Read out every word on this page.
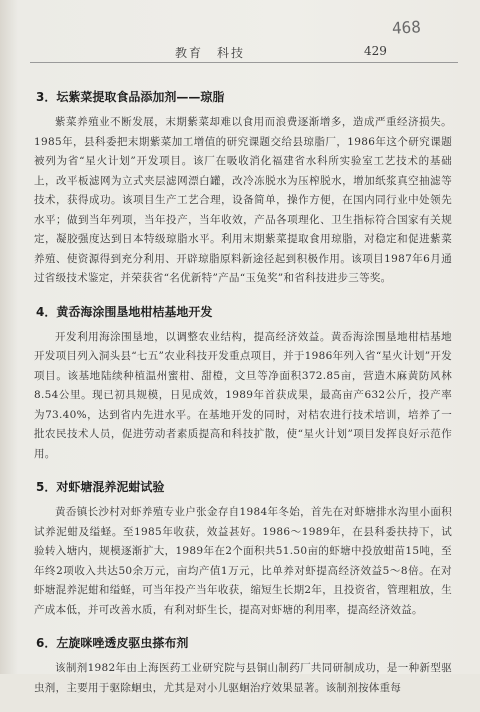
468
教育　科技	429
3．坛紫菜提取食品添加剂——琼脂
紫菜养殖业不断发展，末期紫菜却难以食用而浪费逐渐增多，造成严重经济损失。1985年，县科委把末期紫菜加工增值的研究课题交给县琼脂厂，1986年这个研究课题被列为省“星火计划”开发项目。该厂在吸收消化福建省水科所实验室工艺技术的基础上，改平板滤网为立式夹层滤网漂白罐，改冷冻脱水为压榨脱水，增加纸浆真空抽滤等技术，获得成功。该项目生产工艺合理，设备简单，操作方便，在国内同行业中处领先水平；做到当年列项，当年投产，当年收效，产品各项理化、卫生指标符合国家有关规定，凝胶强度达到日本特级琼脂水平。利用末期紫菜提取食用琼脂，对稳定和促进紫菜养殖、使资源得到充分利用、开辟琼脂原料新途径起到积极作用。该项目1987年6月通过省级技术鉴定，并荣获省“名优新特”产品“玉兔奖”和省科技进步三等奖。
4．黄岙海涂围垦地柑桔基地开发
开发利用海涂围垦地，以调整农业结构，提高经济效益。黄岙海涂围垦地柑桔基地开发项目列入洞头县“七五”农业科技开发重点项目，并于1986年列入省“星火计划”开发项目。该基地陆续种植温州蜜柑、甜橙，文旦等净面积372.85亩，营造木麻黄防风林8.54公里。现已初具规模，日见成效，1989年首获成果，最高亩产632公斤，投产率为73.40%，达到省内先进水平。在基地开发的同时，对桔农进行技术培训，培养了一批农民技术人员，促进劳动者素质提高和科技扩散，使“星火计划”项目发挥良好示范作用。
5．对虾塘混养泥蚶试验
黄岙镇长沙村对虾养殖专业户张金存自1984年冬始，首先在对虾塘排水沟里小面积试养泥蚶及缢蛏。至1985年收获，效益甚好。1986～1989年，在县科委扶持下，试验转入塘内，规模逐渐扩大，1989年在2个面积共51.50亩的虾塘中投放蚶苗15吨，至年终2项收入共达50余万元，亩均产值1万元，比单养对虾提高经济效益5～8倍。在对虾塘混养泥蚶和缢蛏，可当年投产当年收获，缩短生长期2年，且投资省，管理粗放，生产成本低，并可改善水质，有利对虾生长，提高对虾塘的利用率，提高经济效益。
6．左旋咪唑透皮驱虫搽布剂
该制剂1982年由上海医药工业研究院与县铜山制药厂共同研制成功，是一种新型驱虫剂，主要用于驱除蛔虫，尤其是对小儿驱蛔治疗效果显著。该制剂按体重每
